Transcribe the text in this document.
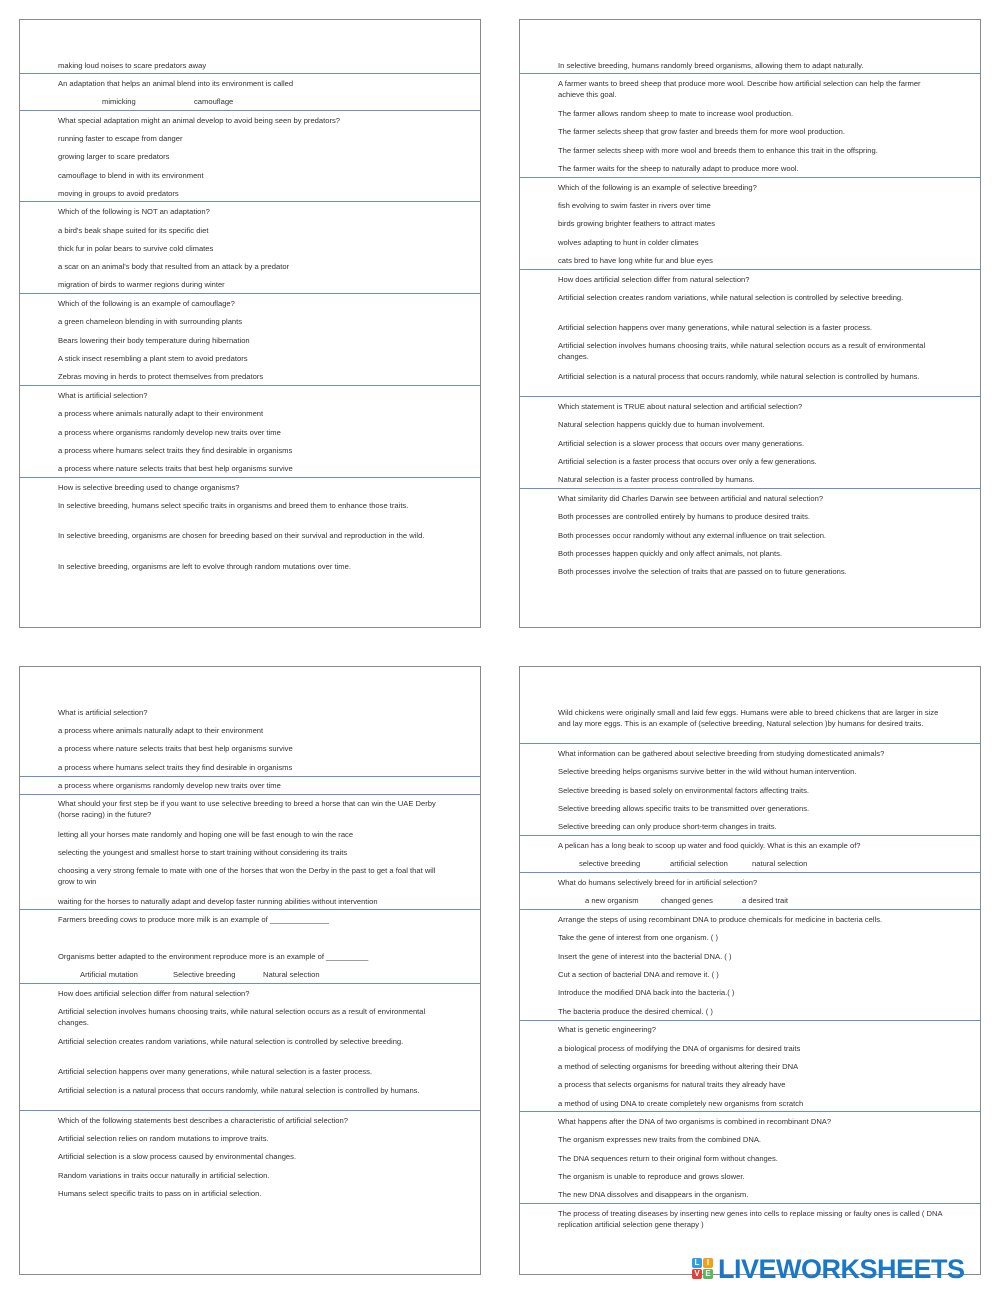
making loud noises to scare predators away
An adaptation that helps an animal blend into its environment is called
mimicking	camouflage
What special adaptation might an animal develop to avoid being seen by predators?
running faster to escape from danger
growing larger to scare predators
camouflage to blend in with its environment
moving in groups to avoid predators
Which of the following is NOT an adaptation?
a bird's beak shape suited for its specific diet
thick fur in polar bears to survive cold climates
a scar on an animal's body that resulted from an attack by a predator
migration of birds to warmer regions during winter
Which of the following is an example of camouflage?
a green chameleon blending in with surrounding plants
Bears lowering their body temperature during hibernation
A stick insect resembling a plant stem to avoid predators
Zebras moving in herds to protect themselves from predators
What is artificial selection?
a process where animals naturally adapt to their environment
a process where organisms randomly develop new traits over time
a process where humans select traits they find desirable in organisms
a process where nature selects traits that best help organisms survive
How is selective breeding used to change organisms?
In selective breeding, humans select specific traits in organisms and breed them to enhance those traits.
In selective breeding, organisms are chosen for breeding based on their survival and reproduction in the wild.
In selective breeding, organisms are left to evolve through random mutations over time.
In selective breeding, humans randomly breed organisms, allowing them to adapt naturally.
A farmer wants to breed sheep that produce more wool. Describe how artificial selection can help the farmer achieve this goal.
The farmer allows random sheep to mate to increase wool production.
The farmer selects sheep that grow faster and breeds them for more wool production.
The farmer selects sheep with more wool and breeds them to enhance this trait in the offspring.
The farmer waits for the sheep to naturally adapt to produce more wool.
Which of the following is an example of selective breeding?
fish evolving to swim faster in rivers over time
birds growing brighter feathers to attract mates
wolves adapting to hunt in colder climates
cats bred to have long white fur and blue eyes
How does artificial selection differ from natural selection?
Artificial selection creates random variations, while natural selection is controlled by selective breeding.
Artificial selection happens over many generations, while natural selection is a faster process.
Artificial selection involves humans choosing traits, while natural selection occurs as a result of environmental changes.
Artificial selection is a natural process that occurs randomly, while natural selection is controlled by humans.
Which statement is TRUE about natural selection and artificial selection?
Natural selection happens quickly due to human involvement.
Artificial selection is a slower process that occurs over many generations.
Artificial selection is a faster process that occurs over only a few generations.
Natural selection is a faster process controlled by humans.
What similarity did Charles Darwin see between artificial and natural selection?
Both processes are controlled entirely by humans to produce desired traits.
Both processes occur randomly without any external influence on trait selection.
Both processes happen quickly and only affect animals, not plants.
Both processes involve the selection of traits that are passed on to future generations.
What is artificial selection?
a process where animals naturally adapt to their environment
a process where nature selects traits that best help organisms survive
a process where humans select traits they find desirable in organisms
a process where organisms randomly develop new traits over time
What should your first step be if you want to use selective breeding to breed a horse that can win the UAE Derby (horse racing) in the future?
letting all your horses mate randomly and hoping one will be fast enough to win the race
selecting the youngest and smallest horse to start training without considering its traits
choosing a very strong female to mate with one of the horses that won the Derby in the past to get a foal that will grow to win
waiting for the horses to naturally adapt and develop faster running abilities without intervention
Farmers breeding cows to produce more milk is an example of ______________
Organisms better adapted to the environment reproduce more is an example of __________
Artificial mutation	Selective breeding	Natural selection
How does artificial selection differ from natural selection?
Artificial selection involves humans choosing traits, while natural selection occurs as a result of environmental changes.
Artificial selection creates random variations, while natural selection is controlled by selective breeding.
Artificial selection happens over many generations, while natural selection is a faster process.
Artificial selection is a natural process that occurs randomly, while natural selection is controlled by humans.
Which of the following statements best describes a characteristic of artificial selection?
Artificial selection relies on random mutations to improve traits.
Artificial selection is a slow process caused by environmental changes.
Random variations in traits occur naturally in artificial selection.
Humans select specific traits to pass on in artificial selection.
Wild chickens were originally small and laid few eggs. Humans were able to breed chickens that are larger in size and lay more eggs. This is an example of (selective breeding, Natural selection )by humans for desired traits.
What information can be gathered about selective breeding from studying domesticated animals?
Selective breeding helps organisms survive better in the wild without human intervention.
Selective breeding is based solely on environmental factors affecting traits.
Selective breeding allows specific traits to be transmitted over generations.
Selective breeding can only produce short-term changes in traits.
A pelican has a long beak to scoop up water and food quickly. What is this an example of?
selective breeding	artificial selection	natural selection
What do humans selectively breed for in artificial selection?
a new organism	changed genes	a desired trait
Arrange the steps of using recombinant DNA to produce chemicals for medicine in bacteria cells.
Take the gene of interest from one organism. ( )
Insert the gene of interest into the bacterial DNA. ( )
Cut a section of bacterial DNA and remove it. ( )
Introduce the modified DNA back into the bacteria.( )
The bacteria produce the desired chemical. ( )
What is genetic engineering?
a biological process of modifying the DNA of organisms for desired traits
a method of selecting organisms for breeding without altering their DNA
a process that selects organisms for natural traits they already have
a method of using DNA to create completely new organisms from scratch
What happens after the DNA of two organisms is combined in recombinant DNA?
The organism expresses new traits from the combined DNA.
The DNA sequences return to their original form without changes.
The organism is unable to reproduce and grows slower.
The new DNA dissolves and disappears in the organism.
The process of treating diseases by inserting new genes into cells to replace missing or faulty ones is called ( DNA replication artificial selection gene therapy )
L I
V E LIVEWORKSHEETS
